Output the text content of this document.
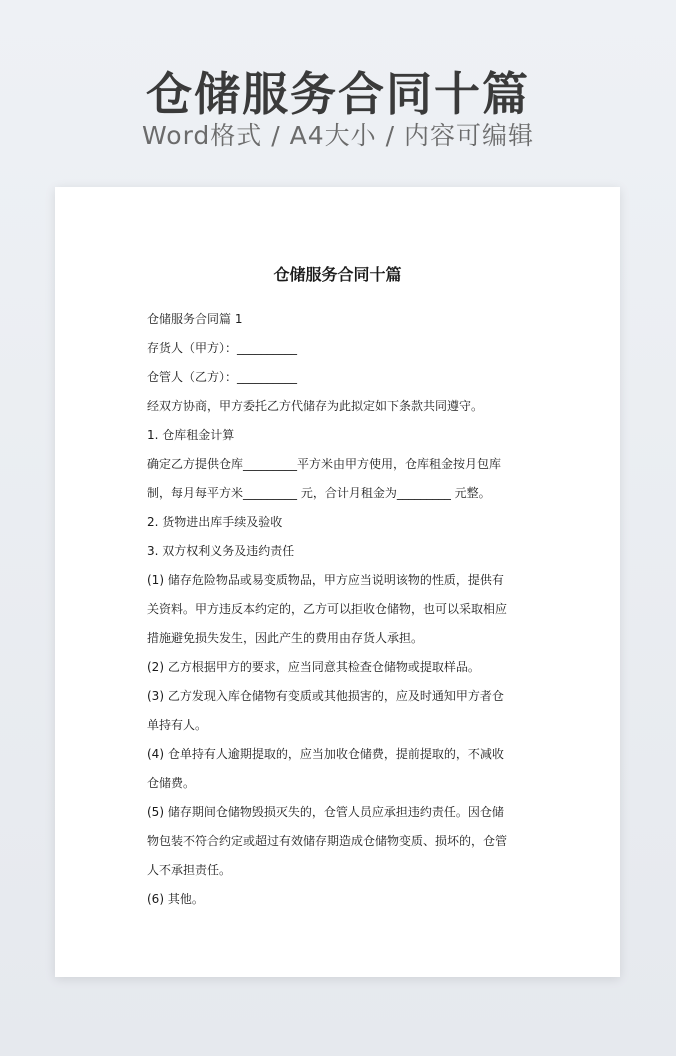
仓储服务合同十篇
Word格式 / A4大小 / 内容可编辑
仓储服务合同十篇
仓储服务合同篇 1
存货人（甲方）：__________
仓管人（乙方）：__________
经双方协商，甲方委托乙方代储存为此拟定如下条款共同遵守。
1. 仓库租金计算
确定乙方提供仓库_________平方米由甲方使用，仓库租金按月包库
制，每月每平方米_________ 元，合计月租金为_________ 元整。
2. 货物进出库手续及验收
3. 双方权利义务及违约责任
(1) 储存危险物品或易变质物品，甲方应当说明该物的性质，提供有
关资料。甲方违反本约定的，乙方可以拒收仓储物，也可以采取相应
措施避免损失发生，因此产生的费用由存货人承担。
(2) 乙方根据甲方的要求，应当同意其检查仓储物或提取样品。
(3) 乙方发现入库仓储物有变质或其他损害的，应及时通知甲方者仓
单持有人。
(4) 仓单持有人逾期提取的，应当加收仓储费，提前提取的，不减收
仓储费。
(5) 储存期间仓储物毁损灭失的，仓管人员应承担违约责任。因仓储
物包装不符合约定或超过有效储存期造成仓储物变质、损坏的，仓管
人不承担责任。
(6) 其他。
